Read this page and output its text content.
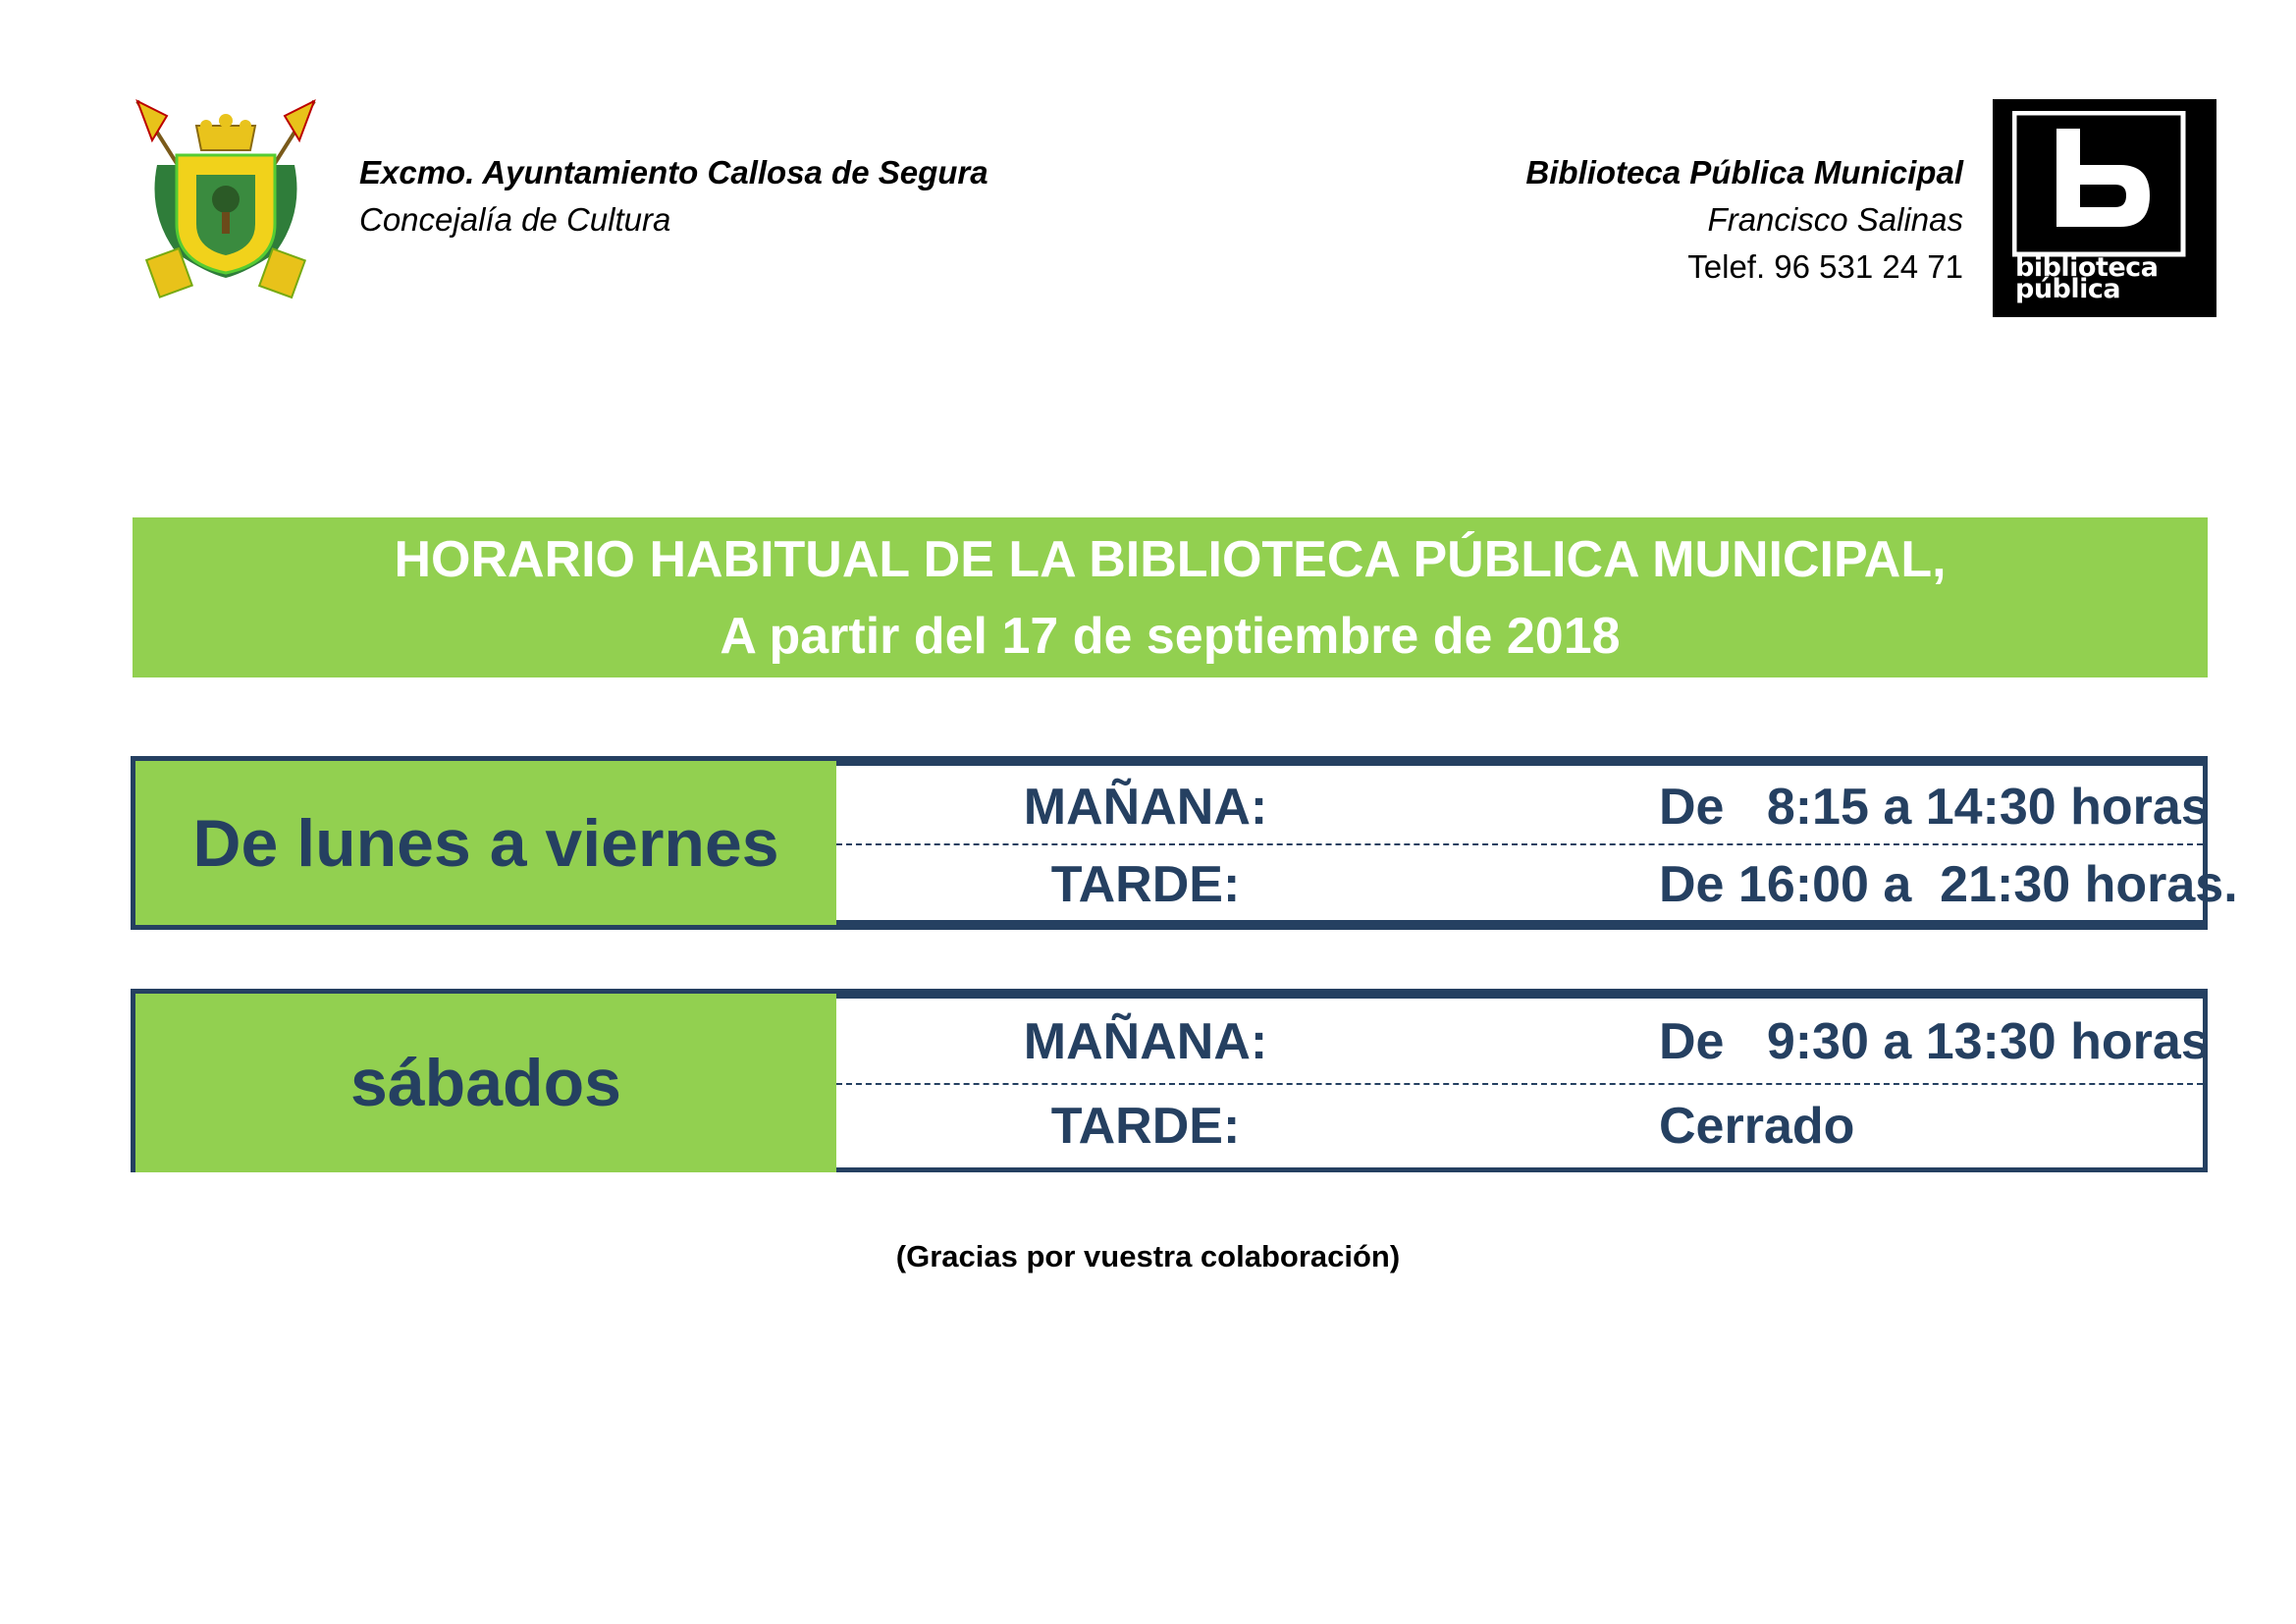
Excmo. Ayuntamiento Callosa de Segura
Concejalía de Cultura
Biblioteca Pública Municipal
Francisco Salinas
Telef. 96 531 24 71 biblioteca
pública
HORARIO HABITUAL DE LA BIBLIOTECA PÚBLICA MUNICIPAL,
A partir del 17 de septiembre de 2018
De lunes a viernes	MAÑANA:	De   8:15 a 14:30 horas
TARDE:	De 16:00 a  21:30 horas.
sábados
MAÑANA:	De   9:30 a 13:30 horas
TARDE:	Cerrado
(Gracias por vuestra colaboración)
